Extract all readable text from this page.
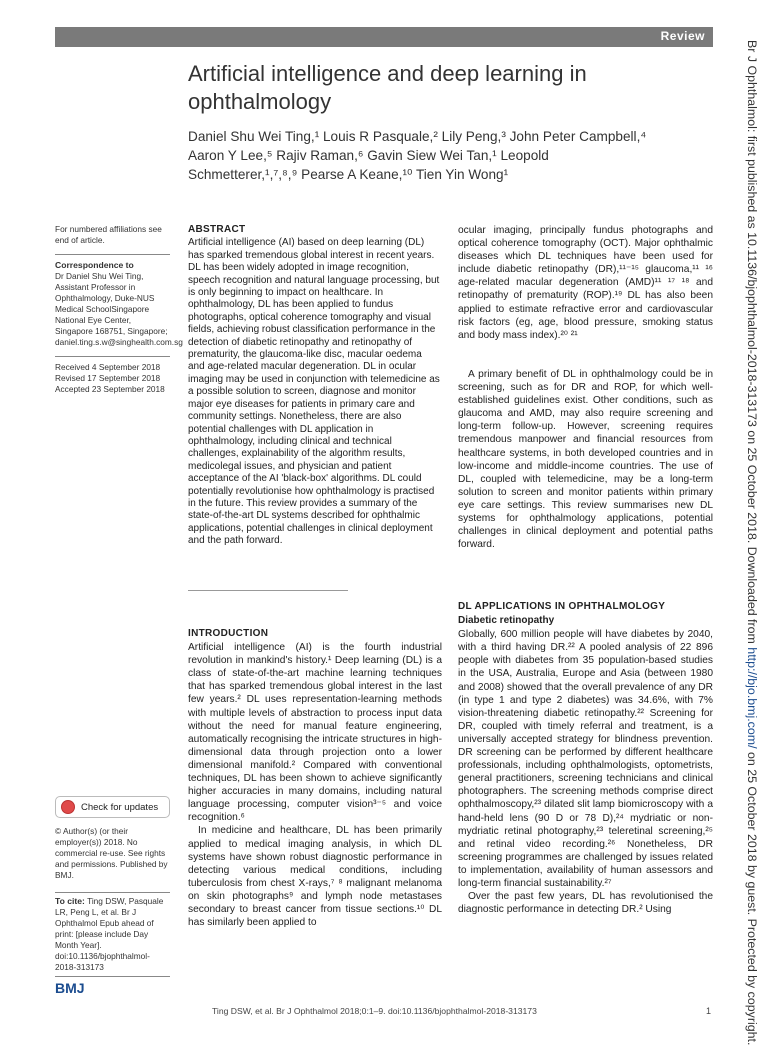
Review
Artificial intelligence and deep learning in ophthalmology
Daniel Shu Wei Ting,¹ Louis R Pasquale,² Lily Peng,³ John Peter Campbell,⁴ Aaron Y Lee,⁵ Rajiv Raman,⁶ Gavin Siew Wei Tan,¹ Leopold Schmetterer,¹,⁷,⁸,⁹ Pearse A Keane,¹⁰ Tien Yin Wong¹
For numbered affiliations see end of article.
Correspondence to
Dr Daniel Shu Wei Ting, Assistant Professor in Ophthalmology, Duke-NUS Medical SchoolSingapore National Eye Center, Singapore 168751, Singapore; daniel.ting.s.w@singhealth.com.sg
Received 4 September 2018 Revised 17 September 2018 Accepted 23 September 2018
Check for updates
© Author(s) (or their employer(s)) 2018. No commercial re-use. See rights and permissions. Published by BMJ.
To cite: Ting DSW, Pasquale LR, Peng L, et al. Br J Ophthalmol Epub ahead of print: [please include Day Month Year]. doi:10.1136/bjophthalmol-2018-313173
BMJ
ABSTRACT

Artificial intelligence (AI) based on deep learning (DL) has sparked tremendous global interest in recent years. DL has been widely adopted in image recognition, speech recognition and natural language processing, but is only beginning to impact on healthcare. In ophthalmology, DL has been applied to fundus photographs, optical coherence tomography and visual fields, achieving robust classification performance in the detection of diabetic retinopathy and retinopathy of prematurity, the glaucoma-like disc, macular oedema and age-related macular degeneration. DL in ocular imaging may be used in conjunction with telemedicine as a possible solution to screen, diagnose and monitor major eye diseases for patients in primary care and community settings. Nonetheless, there are also potential challenges with DL application in ophthalmology, including clinical and technical challenges, explainability of the algorithm results, medicolegal issues, and physician and patient acceptance of the AI 'black-box' algorithms. DL could potentially revolutionise how ophthalmology is practised in the future. This review provides a summary of the state-of-the-art DL systems described for ophthalmic applications, potential challenges in clinical deployment and the path forward.

INTRODUCTION

Artificial intelligence (AI) is the fourth industrial revolution in mankind's history.¹ Deep learning (DL) is a class of state-of-the-art machine learning techniques that has sparked tremendous global interest in the last few years.² DL uses representation-learning methods with multiple levels of abstraction to process input data without the need for manual feature engineering, automatically recognising the intricate structures in high-dimensional data through projection onto a lower dimensional manifold.² Compared with conventional techniques, DL has been shown to achieve significantly higher accuracies in many domains, including natural language processing, computer vision³⁻⁵ and voice recognition.⁶

In medicine and healthcare, DL has been primarily applied to medical imaging analysis, in which DL systems have shown robust diagnostic performance in detecting various medical conditions, including tuberculosis from chest X-rays,⁷ ⁸ malignant melanoma on skin photographs⁹ and lymph node metastases secondary to breast cancer from tissue sections.¹⁰ DL has similarly been applied to

ocular imaging, principally fundus photographs and optical coherence tomography (OCT). Major ophthalmic diseases which DL techniques have been used for include diabetic retinopathy (DR),¹¹⁻¹⁵ glaucoma,¹¹ ¹⁶ age-related macular degeneration (AMD)¹¹ ¹⁷ ¹⁸ and retinopathy of prematurity (ROP).¹⁹ DL has also been applied to estimate refractive error and cardiovascular risk factors (eg, age, blood pressure, smoking status and body mass index).²⁰ ²¹

A primary benefit of DL in ophthalmology could be in screening, such as for DR and ROP, for which well-established guidelines exist. Other conditions, such as glaucoma and AMD, may also require screening and long-term follow-up. However, screening requires tremendous manpower and financial resources from healthcare systems, in both developed countries and in low-income and middle-income countries. The use of DL, coupled with telemedicine, may be a long-term solution to screen and monitor patients within primary eye care settings. This review summarises new DL systems for ophthalmology applications, potential challenges in clinical deployment and potential paths forward.

DL APPLICATIONS IN OPHTHALMOLOGY
Diabetic retinopathy

Globally, 600 million people will have diabetes by 2040, with a third having DR.²² A pooled analysis of 22 896 people with diabetes from 35 population-based studies in the USA, Australia, Europe and Asia (between 1980 and 2008) showed that the overall prevalence of any DR (in type 1 and type 2 diabetes) was 34.6%, with 7% vision-threatening diabetic retinopathy.²² Screening for DR, coupled with timely referral and treatment, is a universally accepted strategy for blindness prevention. DR screening can be performed by different healthcare professionals, including ophthalmologists, optometrists, general practitioners, screening technicians and clinical photographers. The screening methods comprise direct ophthalmoscopy,²³ dilated slit lamp biomicroscopy with a hand-held lens (90 D or 78 D),²⁴ mydriatic or non-mydriatic retinal photography,²³ teleretinal screening,²⁵ and retinal video recording.²⁶ Nonetheless, DR screening programmes are challenged by issues related to implementation, availability of human assessors and long-term financial sustainability.²⁷

Over the past few years, DL has revolutionised the diagnostic performance in detecting DR.² Using

Ting DSW, et al. Br J Ophthalmol 2018;0:1–9. doi:10.1136/bjophthalmol-2018-313173	1
Br J Ophthalmol: first published as 10.1136/bjophthalmol-2018-313173 on 25 October 2018. Downloaded from http://bjo.bmj.com/ on 25 October 2018 by guest. Protected by copyright.
